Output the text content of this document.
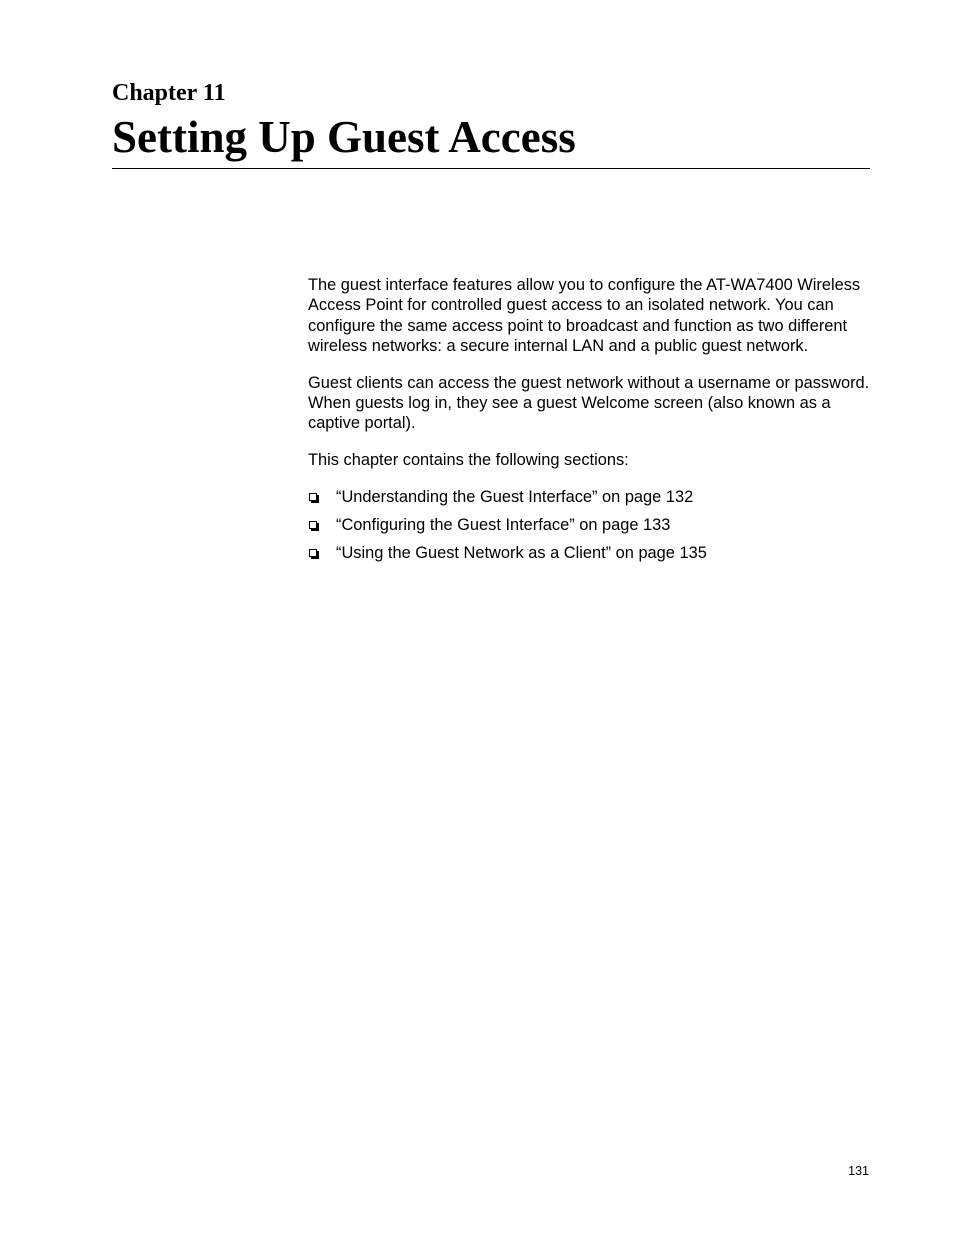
Chapter 11
Setting Up Guest Access

The guest interface features allow you to configure the AT-WA7400 Wireless Access Point for controlled guest access to an isolated network. You can configure the same access point to broadcast and function as two different wireless networks: a secure internal LAN and a public guest network.

Guest clients can access the guest network without a username or password. When guests log in, they see a guest Welcome screen (also known as a captive portal).

This chapter contains the following sections:

“Understanding the Guest Interface” on page 132
“Configuring the Guest Interface” on page 133
“Using the Guest Network as a Client” on page 135
131
